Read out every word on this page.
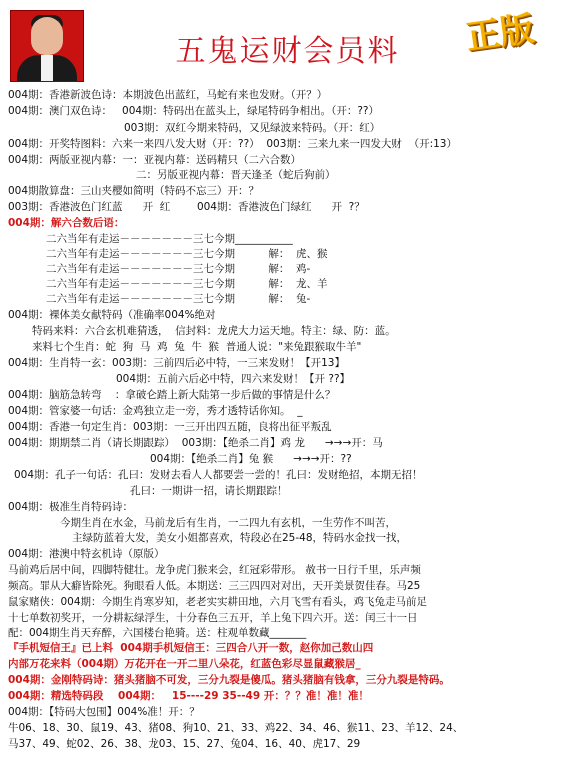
五鬼运财会员料	正版
004期：香港新波色诗：本期波色出蓝红，马蛇有来也发财。（开？）
004期：澳门双色诗：   004期：特码出在蓝头上，绿尾特码争相出。（开：??）
003期：双红今期来特码，又见绿波来特码。（开：红）
004期：开奖特图料：六来一来四八发大财（开：??）  003期：三来九来一四发大财  （开:13）
004期：两版亚视内幕：一：亚视内幕：送码精只（二六合数）
二：另版亚视内幕：晋天逢圣（蛇后狗前）
004期散算盘：三山夹樱如简明（特码不忘三）开：？
003期：香港波色门红蓝      开  红        004期：香港波色门绿红      开  ?？
004期：解六合数后语：
二六当年有走运－－－－－－－三七今期___________
二六当年有走运－－－－－－－三七今期          解：  虎、猴
二六当年有走运－－－－－－－三七今期          解：  鸡-
二六当年有走运－－－－－－－三七今期          解：  龙、羊
二六当年有走运－－－－－－－三七今期          解：  兔-
004期：裸体美女献特码（准确率004%绝对
特码来料：六合玄机难猜透，  信封料：龙虎大力运天地。特主：绿、防：蓝。
来料七个生肖：蛇  狗  马  鸡  兔  牛  猴  普通人说："来兔跟猴取牛羊"
004期：生肖特一玄：003期：三前四后必中特，一三来发财！【开13】
004期：五前六后必中特，四六来发财！【开 ??】
004期：脑筋急转弯    ：拿破仑踏上新大陆第一步后做的事情是什么？
004期：管家婆一句话：金鸡独立走一旁，秀才透特话你知。  _
004期：香港一句定生肖：003期：一三开出四五随，良将出征平叛乱
004期：期期禁二肖（请长期跟踪）  003期：【绝杀二肖】鸡 龙      →→→开：马
004期：【绝杀二肖】兔 猴      →→→开：??
004期：孔子一句话：孔曰：发财去看人人都要尝一尝的！孔曰：发财绝招，本期无招！
孔曰：一期讲一招，请长期跟踪！
004期：极准生肖特码诗：
今期生肖在水金，马前龙后有生肖，一二四九有玄机，一生劳作不叫苦，
主绿防蓝着大发，美女小姐都喜欢，特段必在25-48，特码水金找一找，
004期：港澳中特玄机诗（原版）
马前鸡后居中间，四脚特健壮。龙争虎门猴来会，红冠彩带形。 赦书一日行千里，乐声频
频高。罪从大癖皆除死。狗眼看人低。本期送：三三四四对对出，天开美景贺佳春。马25
鼠家赌侠：004期：今期生肖寒岁知，老老实实耕田地，六月飞雪有看头，鸡飞兔走马前足
十七单数初奖开，一分耕耘绿浮生，十分春色三五开，羊上兔下四六开。送：闰三十一日
配：004期生肖天弃醉，六国楼台艳骑。送：柱观单数藏_______
『手机短信王』已上料  004期手机短信王：三四合八开一数，赵你加己数山四
内部万花来料（004期）万花开在一开二里八朵花，红蓝色彩尽显鼠藏猴居_
004期：金刚特码诗：猪头猪脑不可发，三分九裂是傻瓜。猪头猪脑有钱拿，三分九裂是特码。
004期：精选特码段    004期：   15----29 35--49 开：？？准！准！准！
004期：【特码大包围】004%准！开：？
牛06、18、30、鼠19、43、猪08、狗10、21、33、鸡22、34、46、猴11、23、羊12、24、
马37、49、蛇02、26、38、龙03、15、27、兔04、16、40、虎17、29
